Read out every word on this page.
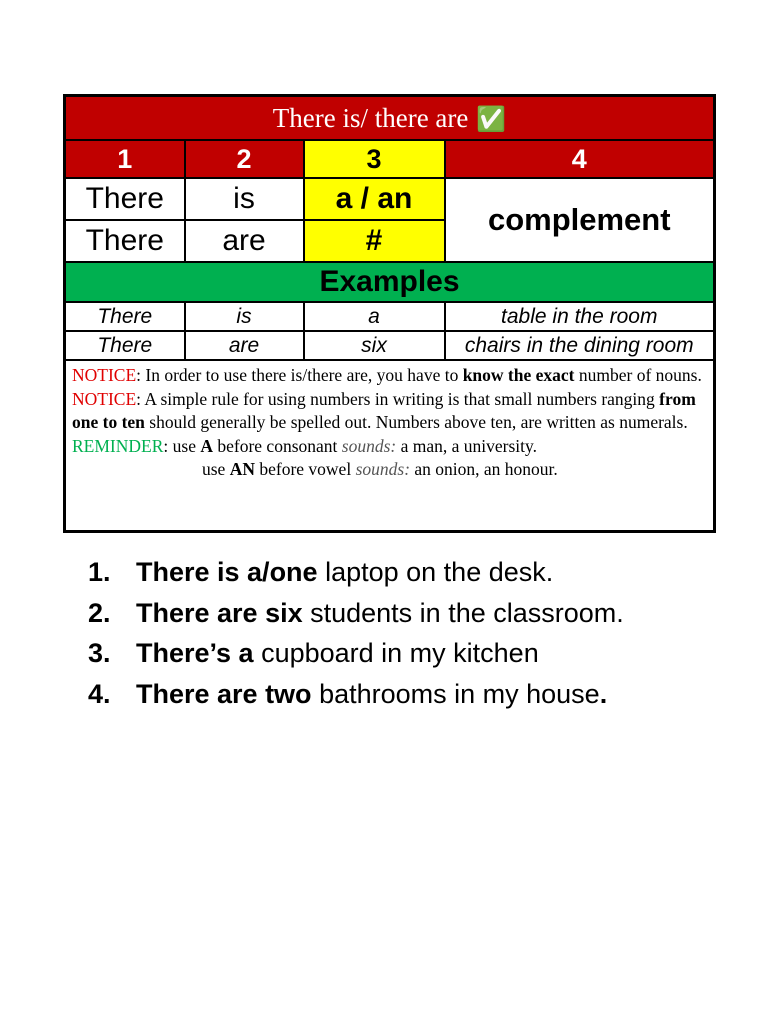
There is/ there are ✅			
1	2	3	4
There	is	a / an	complement
There	are	#	
Examples			
There	is	a	table in the room
There	are	six	chairs in the dining room

NOTICE: In order to use there is/there are, you have to know the exact number of nouns.
NOTICE: A simple rule for using numbers in writing is that small numbers ranging from one to ten should generally be spelled out. Numbers above ten, are written as numerals.
REMINDER: use A before consonant sounds: a man, a university.
use AN before vowel sounds: an onion, an honour.			
1. There is a/one laptop on the desk.
2. There are six students in the classroom.
3. There’s a cupboard in my kitchen
4. There are two bathrooms in my house.
